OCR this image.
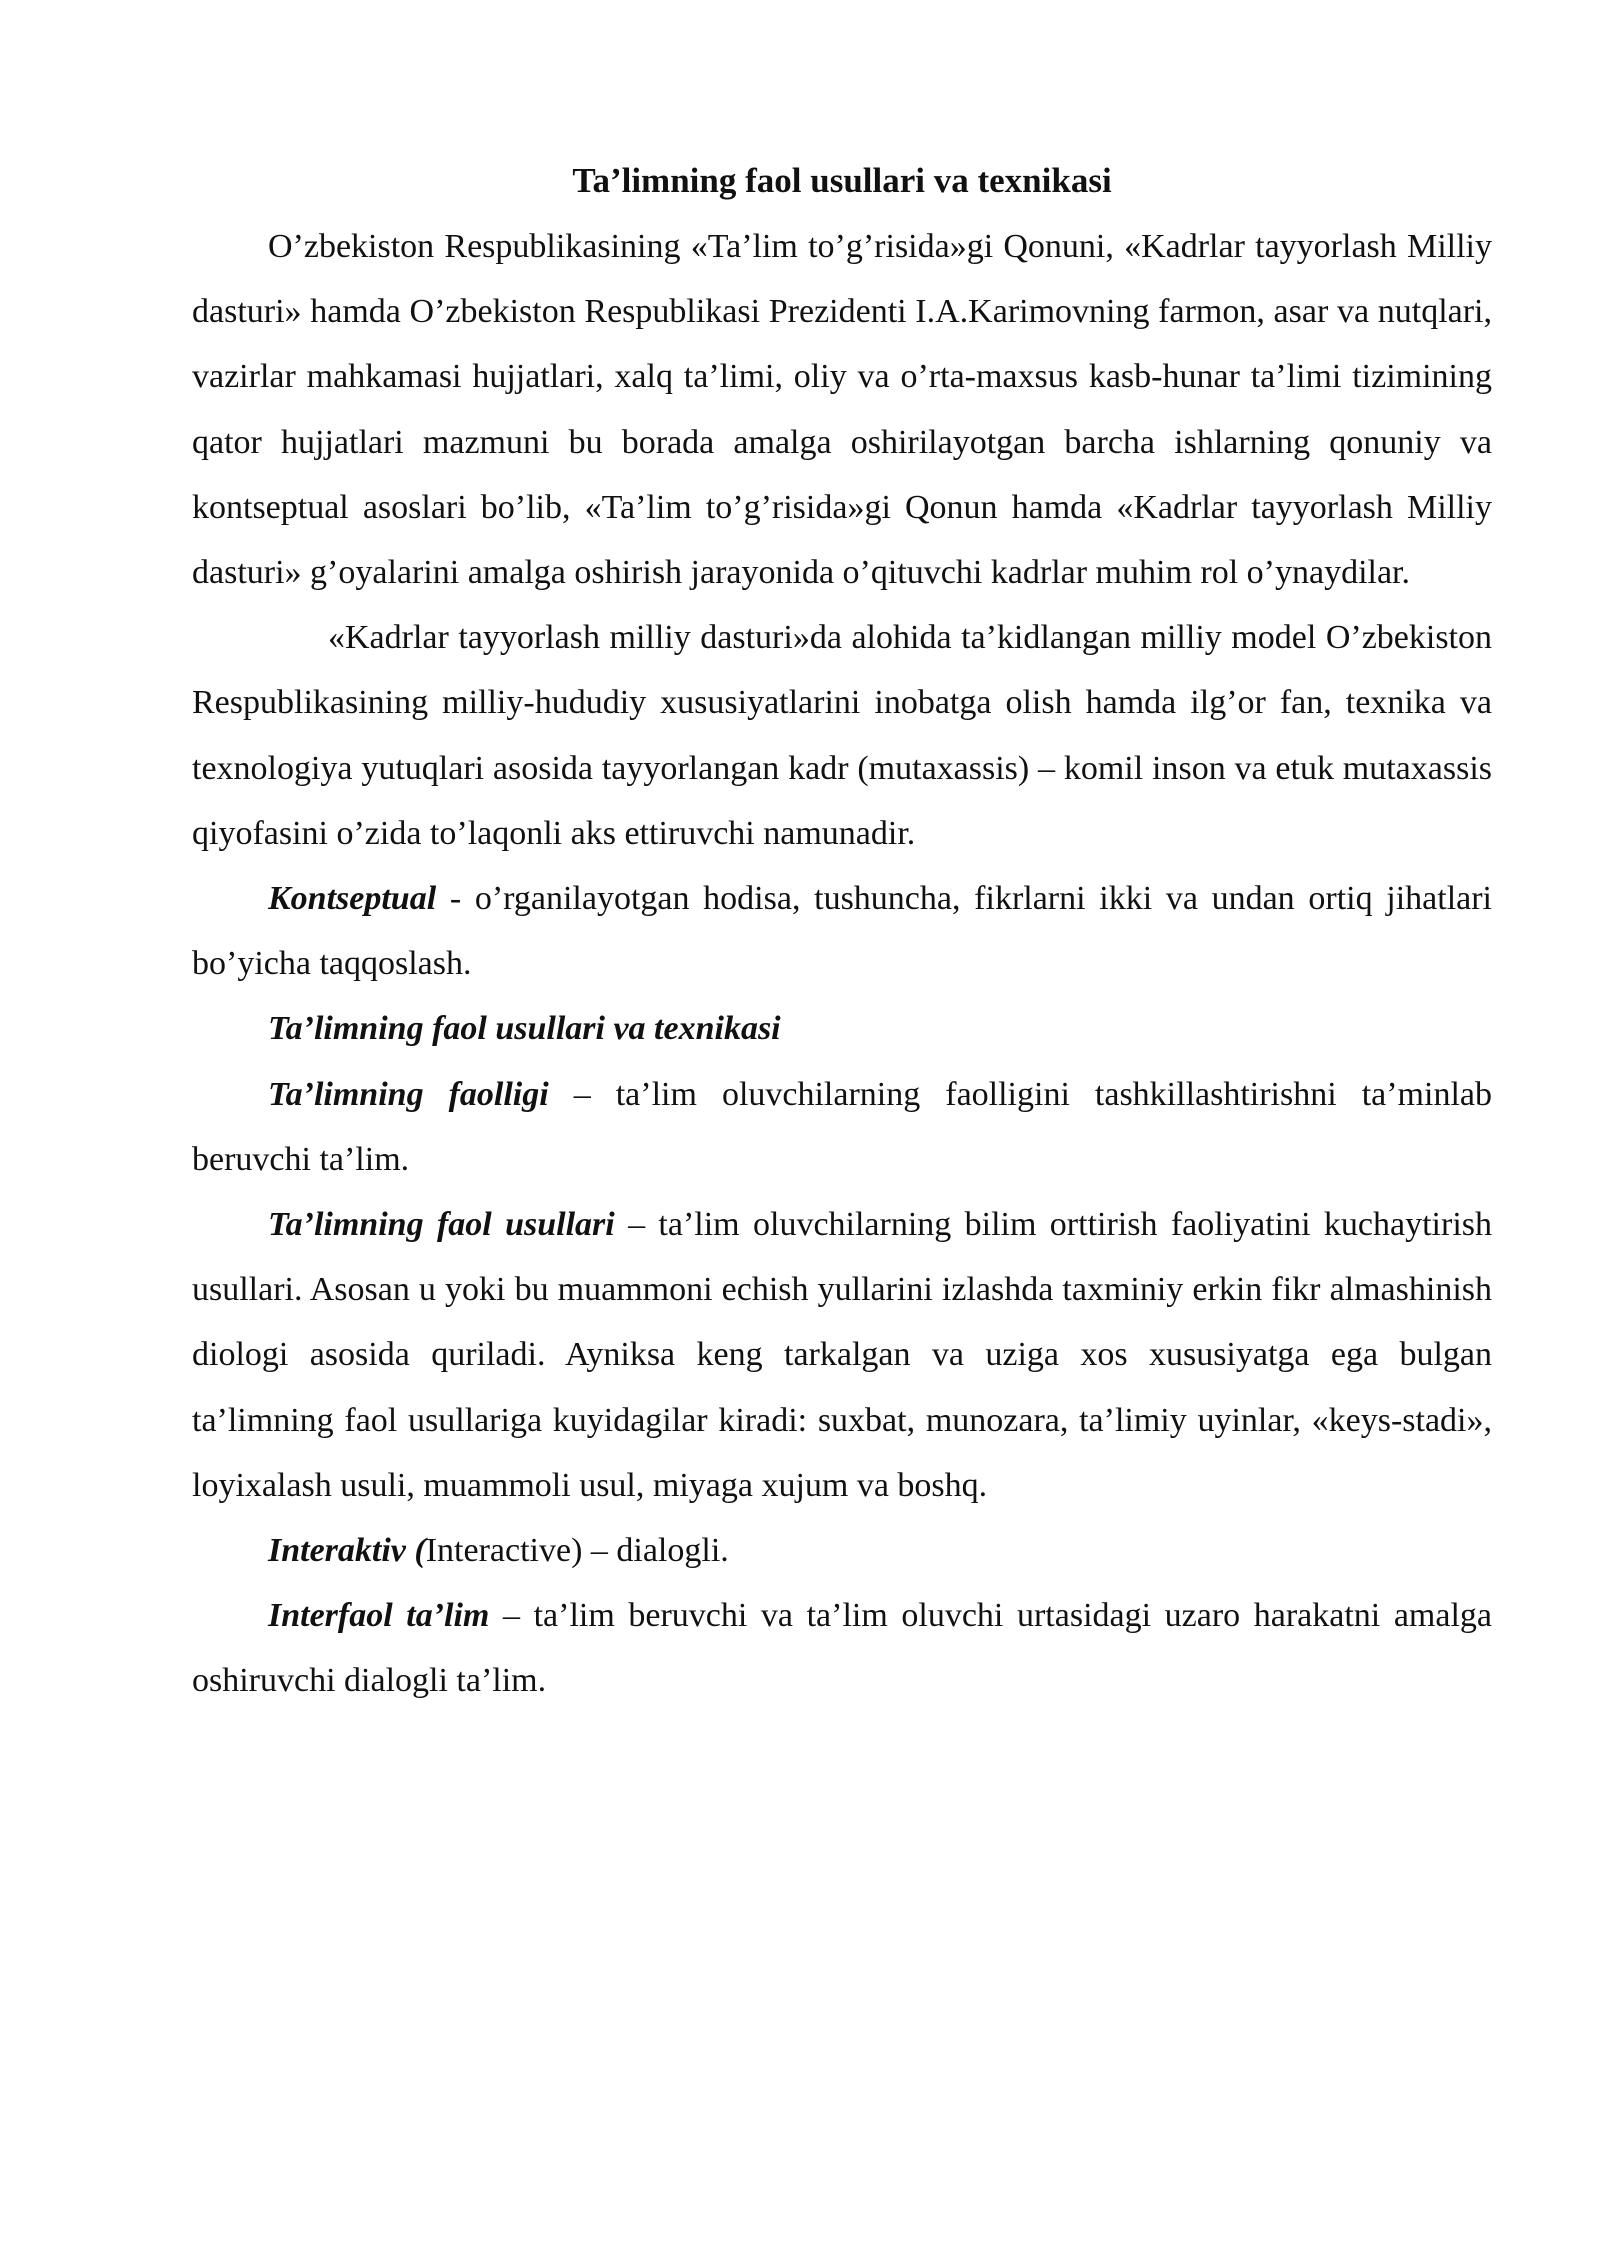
Ta’limning faol usullari va texnikasi

O’zbekiston Respublikasining «Ta’lim to’g’risida»gi Qonuni, «Kadrlar tayyorlash Milliy dasturi» hamda O’zbekiston Respublikasi Prezidenti I.A.Karimovning farmon, asar va nutqlari, vazirlar mahkamasi hujjatlari, xalq ta’limi, oliy va o’rta-maxsus kasb-hunar ta’limi tizimining qator hujjatlari mazmuni bu borada amalga oshirilayotgan barcha ishlarning qonuniy va kontseptual asoslari bo’lib, «Ta’lim to’g’risida»gi Qonun hamda «Kadrlar tayyorlash Milliy dasturi» g’oyalarini amalga oshirish jarayonida o’qituvchi kadrlar muhim rol o’ynaydilar.

«Kadrlar tayyorlash milliy dasturi»da alohida ta’kidlangan milliy model O’zbekiston Respublikasining milliy-hududiy xususiyatlarini inobatga olish hamda ilg’or fan, texnika va texnologiya yutuqlari asosida tayyorlangan kadr (mutaxassis) – komil inson va etuk mutaxassis qiyofasini o’zida to’laqonli aks ettiruvchi namunadir.

Kontseptual - o’rganilayotgan hodisa, tushuncha, fikrlarni ikki va undan ortiq jihatlari bo’yicha taqqoslash.

Ta’limning faol usullari va texnikasi

Ta’limning faolligi – ta’lim oluvchilarning faolligini tashkillashtirishni ta’minlab beruvchi ta’lim.

Ta’limning faol usullari – ta’lim oluvchilarning bilim orttirish faoliyatini kuchaytirish usullari. Asosan u yoki bu muammoni echish yullarini izlashda taxminiy erkin fikr almashinish diologi asosida quriladi. Ayniksa keng tarkalgan va uziga xos xususiyatga ega bulgan ta’limning faol usullariga kuyidagilar kiradi: suxbat, munozara, ta’limiy uyinlar, «keys-stadi», loyixalash usuli, muammoli usul, miyaga xujum va boshq.

Interaktiv (Interactive) – dialogli.

Interfaol ta’lim – ta’lim beruvchi va ta’lim oluvchi urtasidagi uzaro harakatni amalga oshiruvchi dialogli ta’lim.
